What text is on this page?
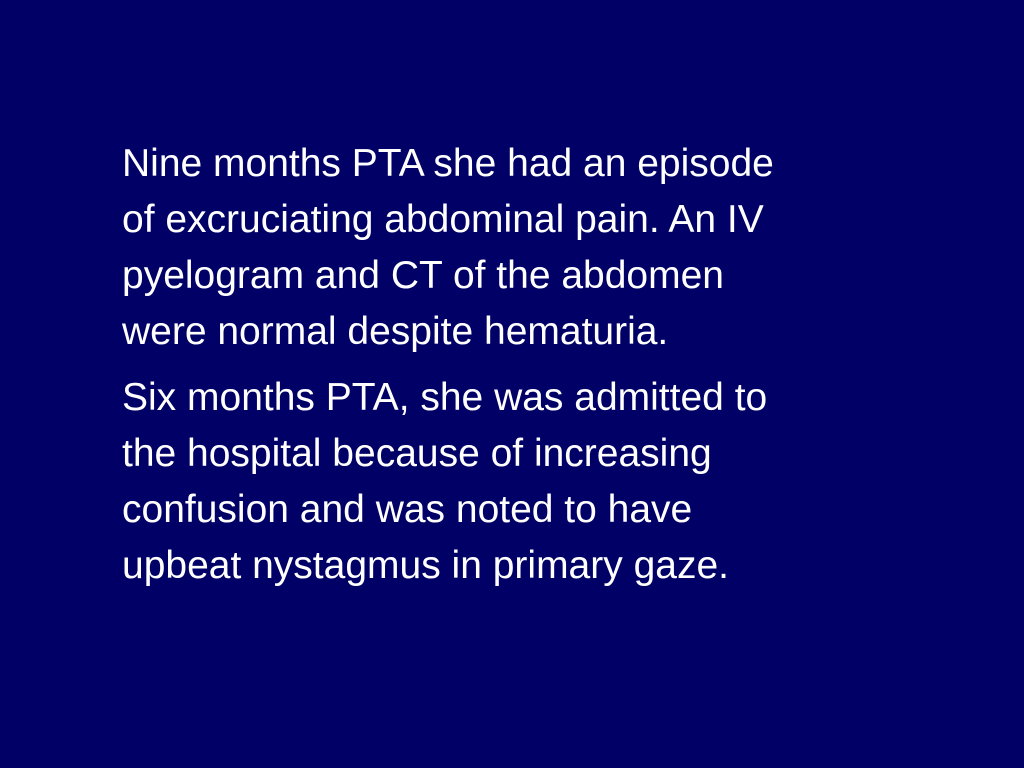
Nine months PTA she had an episode
of excruciating abdominal pain. An IV
pyelogram and CT of the abdomen
were normal despite hematuria.

Six months PTA, she was admitted to
the hospital because of increasing
confusion and was noted to have
upbeat nystagmus in primary gaze.
